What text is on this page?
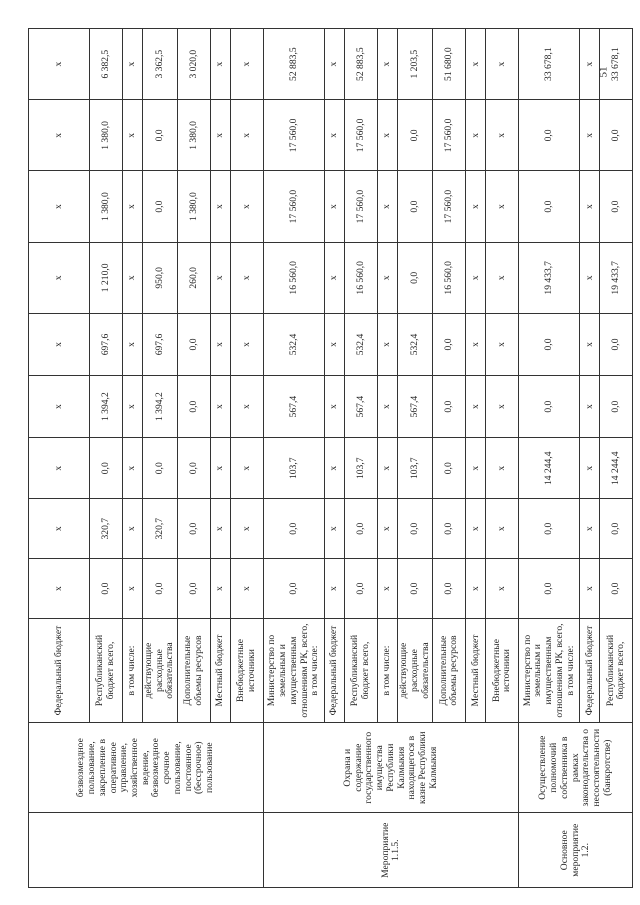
51
	безвозмездное пользование, закрепление в оперативное управление, хозяйственное ведение, безвозмездное срочное пользование, постоянное (бессрочное) пользование	Федеральный бюджет	x	x	x	x	x	x	x	x	x
		Республиканский бюджет всего,	0,0	320,7	0,0	1 394,2	697,6	1 210,0	1 380,0	1 380,0	6 382,5
		в том числе:	x	x	x	x	x	x	x	x	x
		действующие расходные обязательства	0,0	320,7	0,0	1 394,2	697,6	950,0	0,0	0,0	3 362,5
		Дополнительные объемы ресурсов	0,0	0,0	0,0	0,0	0,0	260,0	1 380,0	1 380,0	3 020,0
		Местный бюджет	x	x	x	x	x	x	x	x	x
		Внебюджетные источники	x	x	x	x	x	x	x	x	x
Мероприятие 1.1.5.	Охрана и содержание государственного имущества Республики Калмыкия находящегося в казне Республики Калмыкия	Министерство по земельным и имущественным отношениям РК, всего, в том числе:	0,0	0,0	103,7	567,4	532,4	16 560,0	17 560,0	17 560,0	52 883,5
		Федеральный бюджет	x	x	x	x	x	x	x	x	x
		Республиканский бюджет всего,	0,0	0,0	103,7	567,4	532,4	16 560,0	17 560,0	17 560,0	52 883,5
		в том числе:	x	x	x	x	x	x	x	x	x
		действующие расходные обязательства	0,0	0,0	103,7	567,4	532,4	0,0	0,0	0,0	1 203,5
		Дополнительные объемы ресурсов	0,0	0,0	0,0	0,0	0,0	16 560,0	17 560,0	17 560,0	51 680,0
		Местный бюджет	x	x	x	x	x	x	x	x	x
		Внебюджетные источники	x	x	x	x	x	x	x	x	x
Основное мероприятие 1.2.	Осуществление полномочий собственника в рамках законодательства о несостоятельности (банкротстве)	Министерство по земельным и имущественным отношениям РК, всего, в том числе:	0,0	0,0	14 244,4	0,0	0,0	19 433,7	0,0	0,0	33 678,1
		Федеральный бюджет	x	x	x	x	x	x	x	x	x
		Республиканский бюджет всего,	0,0	0,0	14 244,4	0,0	0,0	19 433,7	0,0	0,0	33 678,1
